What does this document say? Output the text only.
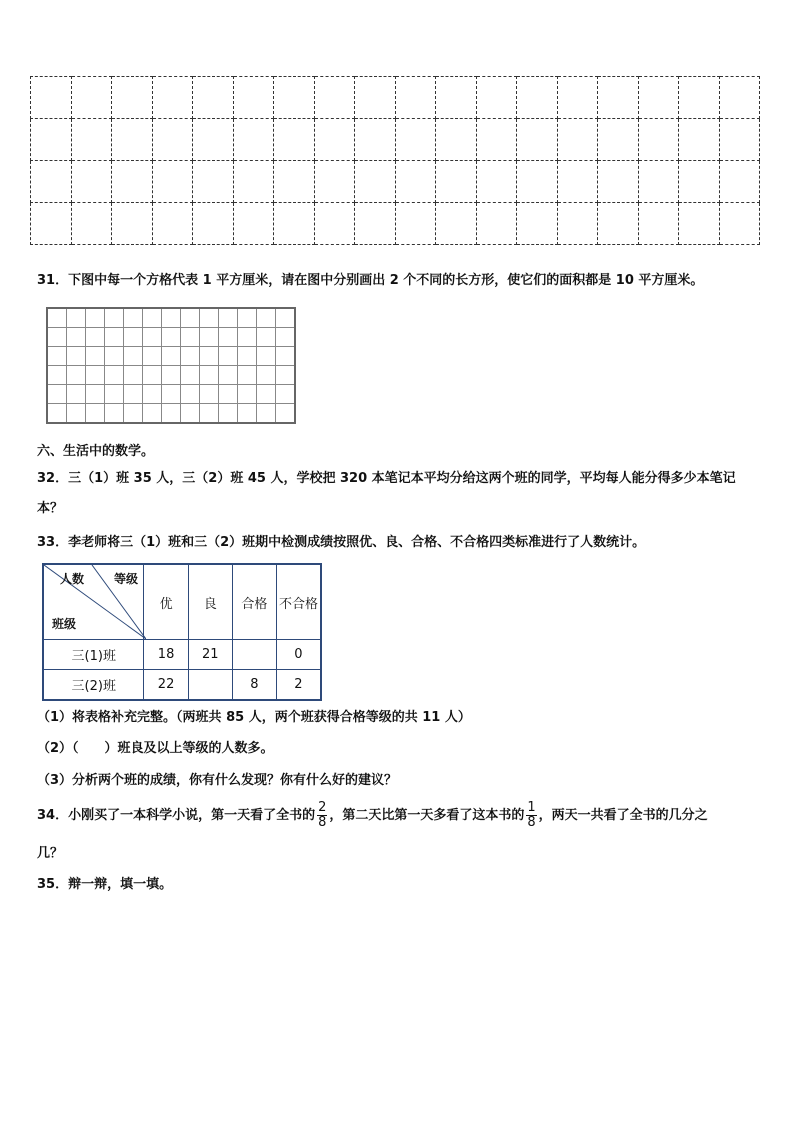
31．下图中每一个方格代表 1 平方厘米，请在图中分别画出 2 个不同的长方形，使它们的面积都是 10 平方厘米。

六、生活中的数学。
32．三（1）班 35 人，三（2）班 45 人，学校把 320 本笔记本平均分给这两个班的同学，平均每人能分得多少本笔记
本？
33．李老师将三（1）班和三（2）班期中检测成绩按照优、良、合格、不合格四类标准进行了人数统计。
等级
人数
班级	优	良	合格	不合格
三(1)班	18	21		0
三(2)班	22		8	2
（1）将表格补充完整。（两班共 85 人，两个班获得合格等级的共 11 人）
（2）（　　）班良及以上等级的人数多。
（3）分析两个班的成绩，你有什么发现？你有什么好的建议？
34．小刚买了一本科学小说，第一天看了全书的 $\frac{2}{8}$ ，第二天比第一天多看了这本书的 $\frac{1}{8}$ ，两天一共看了全书的几分之
几？
35．辩一辩，填一填。
